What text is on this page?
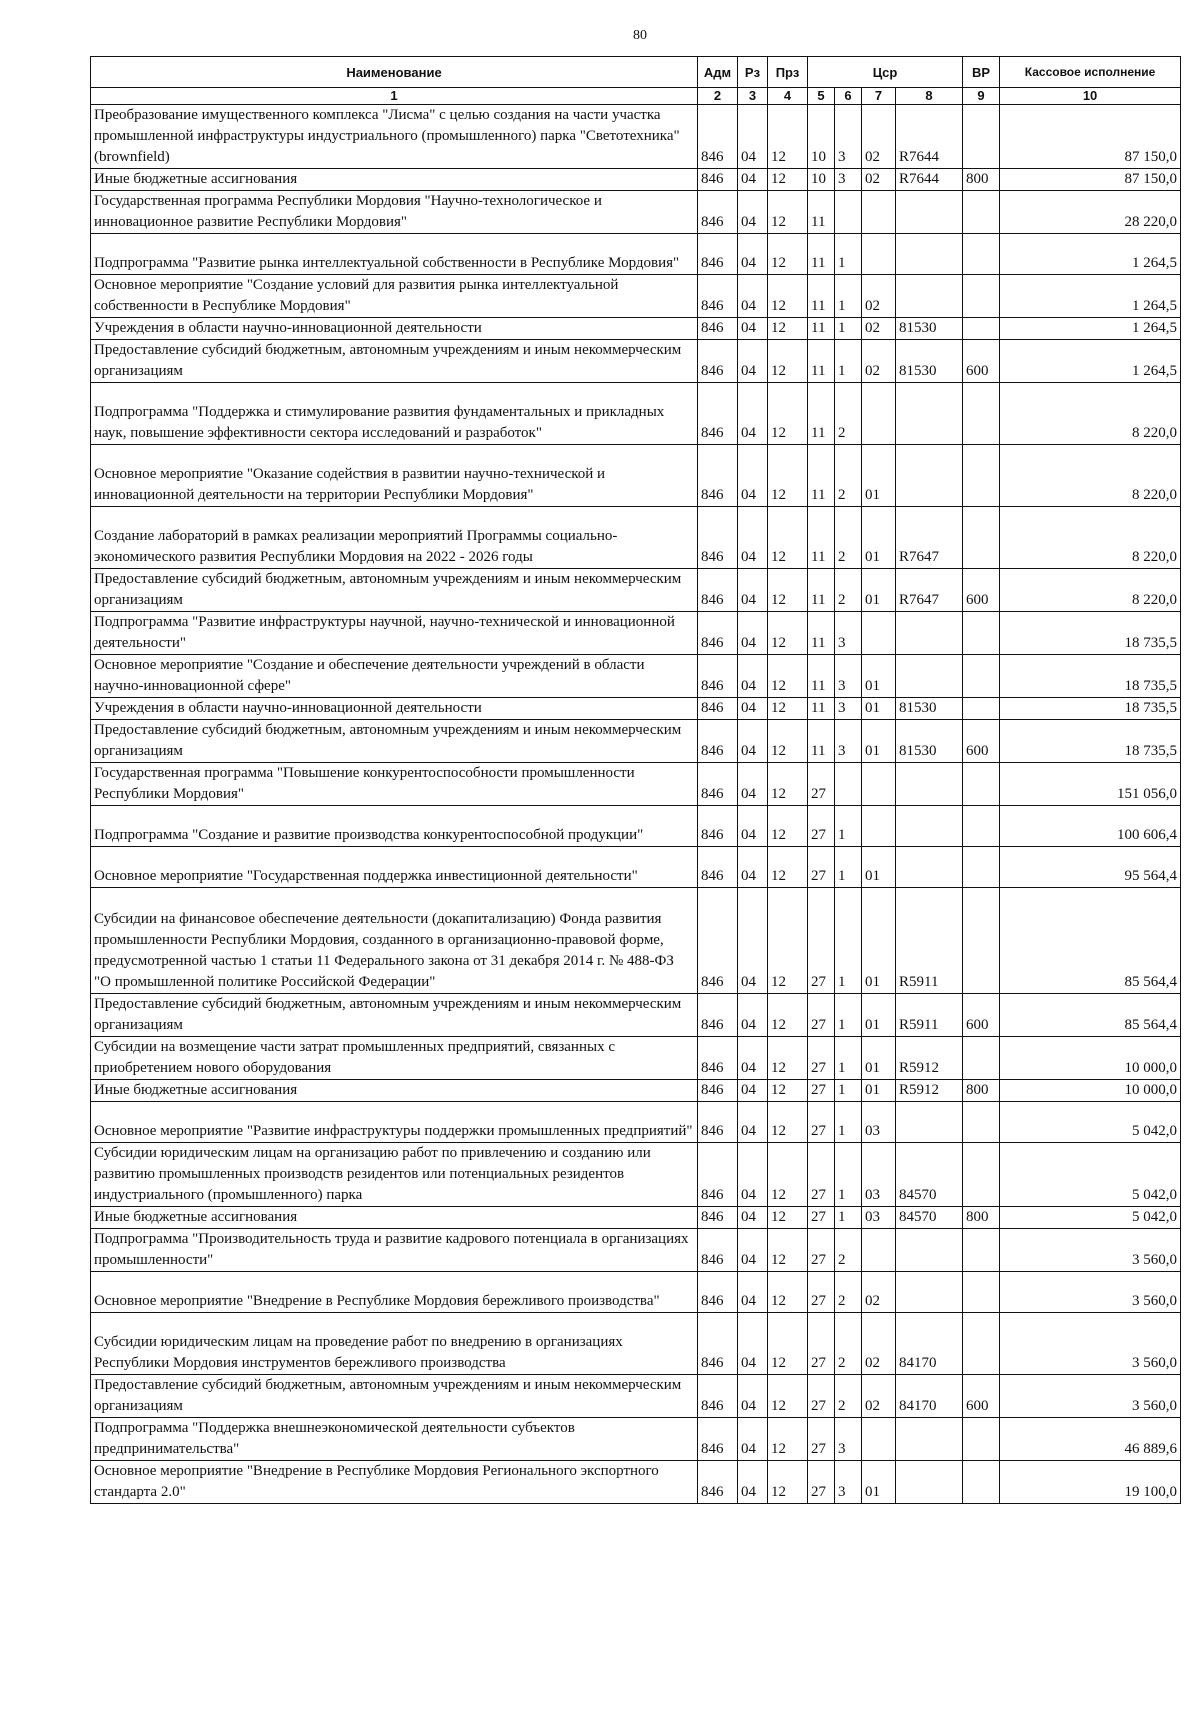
80
Наименование	Адм	Рз	Прз	Цср				ВР	Кассовое исполнение
1	2	3	4	5	6	7	8	9	10
Преобразование имущественного комплекса "Лисма" с целью создания на части участка промышленной инфраструктуры индустриального (промышленного) парка "Светотехника" (brownfield)	846	04	12	10	3	02	R7644		87 150,0
Иные бюджетные ассигнования	846	04	12	10	3	02	R7644	800	87 150,0
Государственная программа Республики Мордовия "Научно-технологическое и инновационное развитие Республики Мордовия"	846	04	12	11					28 220,0
Подпрограмма "Развитие рынка интеллектуальной собственности в Республике Мордовия"	846	04	12	11	1				1 264,5
Основное мероприятие "Создание условий для развития рынка интеллектуальной собственности в Республике Мордовия"	846	04	12	11	1	02			1 264,5
Учреждения в области научно-инновационной деятельности	846	04	12	11	1	02	81530		1 264,5
Предоставление субсидий бюджетным, автономным учреждениям и иным некоммерческим организациям	846	04	12	11	1	02	81530	600	1 264,5
Подпрограмма "Поддержка и стимулирование развития фундаментальных и прикладных наук, повышение эффективности сектора исследований и разработок"	846	04	12	11	2				8 220,0
Основное мероприятие "Оказание содействия в развитии научно-технической и инновационной деятельности на территории Республики Мордовия"	846	04	12	11	2	01			8 220,0
Создание лабораторий в рамках реализации мероприятий Программы социально-экономического развития Республики Мордовия на 2022 - 2026 годы	846	04	12	11	2	01	R7647		8 220,0
Предоставление субсидий бюджетным, автономным учреждениям и иным некоммерческим организациям	846	04	12	11	2	01	R7647	600	8 220,0
Подпрограмма "Развитие инфраструктуры научной, научно-технической и инновационной деятельности"	846	04	12	11	3				18 735,5
Основное мероприятие "Создание и обеспечение деятельности учреждений в области научно-инновационной сфере"	846	04	12	11	3	01			18 735,5
Учреждения в области научно-инновационной деятельности	846	04	12	11	3	01	81530		18 735,5
Предоставление субсидий бюджетным, автономным учреждениям и иным некоммерческим организациям	846	04	12	11	3	01	81530	600	18 735,5
Государственная программа "Повышение конкурентоспособности промышленности Республики Мордовия"	846	04	12	27					151 056,0
Подпрограмма "Создание и развитие производства конкурентоспособной продукции"	846	04	12	27	1				100 606,4
Основное мероприятие "Государственная поддержка инвестиционной деятельности"	846	04	12	27	1	01			95 564,4
Субсидии на финансовое обеспечение деятельности (докапитализацию) Фонда развития промышленности Республики Мордовия, созданного в организационно-правовой форме, предусмотренной частью 1 статьи 11 Федерального закона от 31 декабря 2014 г. № 488-ФЗ "О промышленной политике Российской Федерации"	846	04	12	27	1	01	R5911		85 564,4
Предоставление субсидий бюджетным, автономным учреждениям и иным некоммерческим организациям	846	04	12	27	1	01	R5911	600	85 564,4
Субсидии на возмещение части затрат промышленных предприятий, связанных с приобретением нового оборудования	846	04	12	27	1	01	R5912		10 000,0
Иные бюджетные ассигнования	846	04	12	27	1	01	R5912	800	10 000,0
Основное мероприятие "Развитие инфраструктуры поддержки промышленных предприятий"	846	04	12	27	1	03			5 042,0
Субсидии юридическим лицам на организацию работ по привлечению и созданию или развитию промышленных производств резидентов или потенциальных резидентов индустриального (промышленного) парка	846	04	12	27	1	03	84570		5 042,0
Иные бюджетные ассигнования	846	04	12	27	1	03	84570	800	5 042,0
Подпрограмма "Производительность труда и развитие кадрового потенциала в организациях промышленности"	846	04	12	27	2				3 560,0
Основное мероприятие "Внедрение в Республике Мордовия бережливого производства"	846	04	12	27	2	02			3 560,0
Субсидии юридическим лицам на проведение работ по внедрению в организациях Республики Мордовия инструментов бережливого производства	846	04	12	27	2	02	84170		3 560,0
Предоставление субсидий бюджетным, автономным учреждениям и иным некоммерческим организациям	846	04	12	27	2	02	84170	600	3 560,0
Подпрограмма "Поддержка внешнеэкономической деятельности субъектов предпринимательства"	846	04	12	27	3				46 889,6
Основное мероприятие "Внедрение в Республике Мордовия Регионального экспортного стандарта 2.0"	846	04	12	27	3	01			19 100,0
